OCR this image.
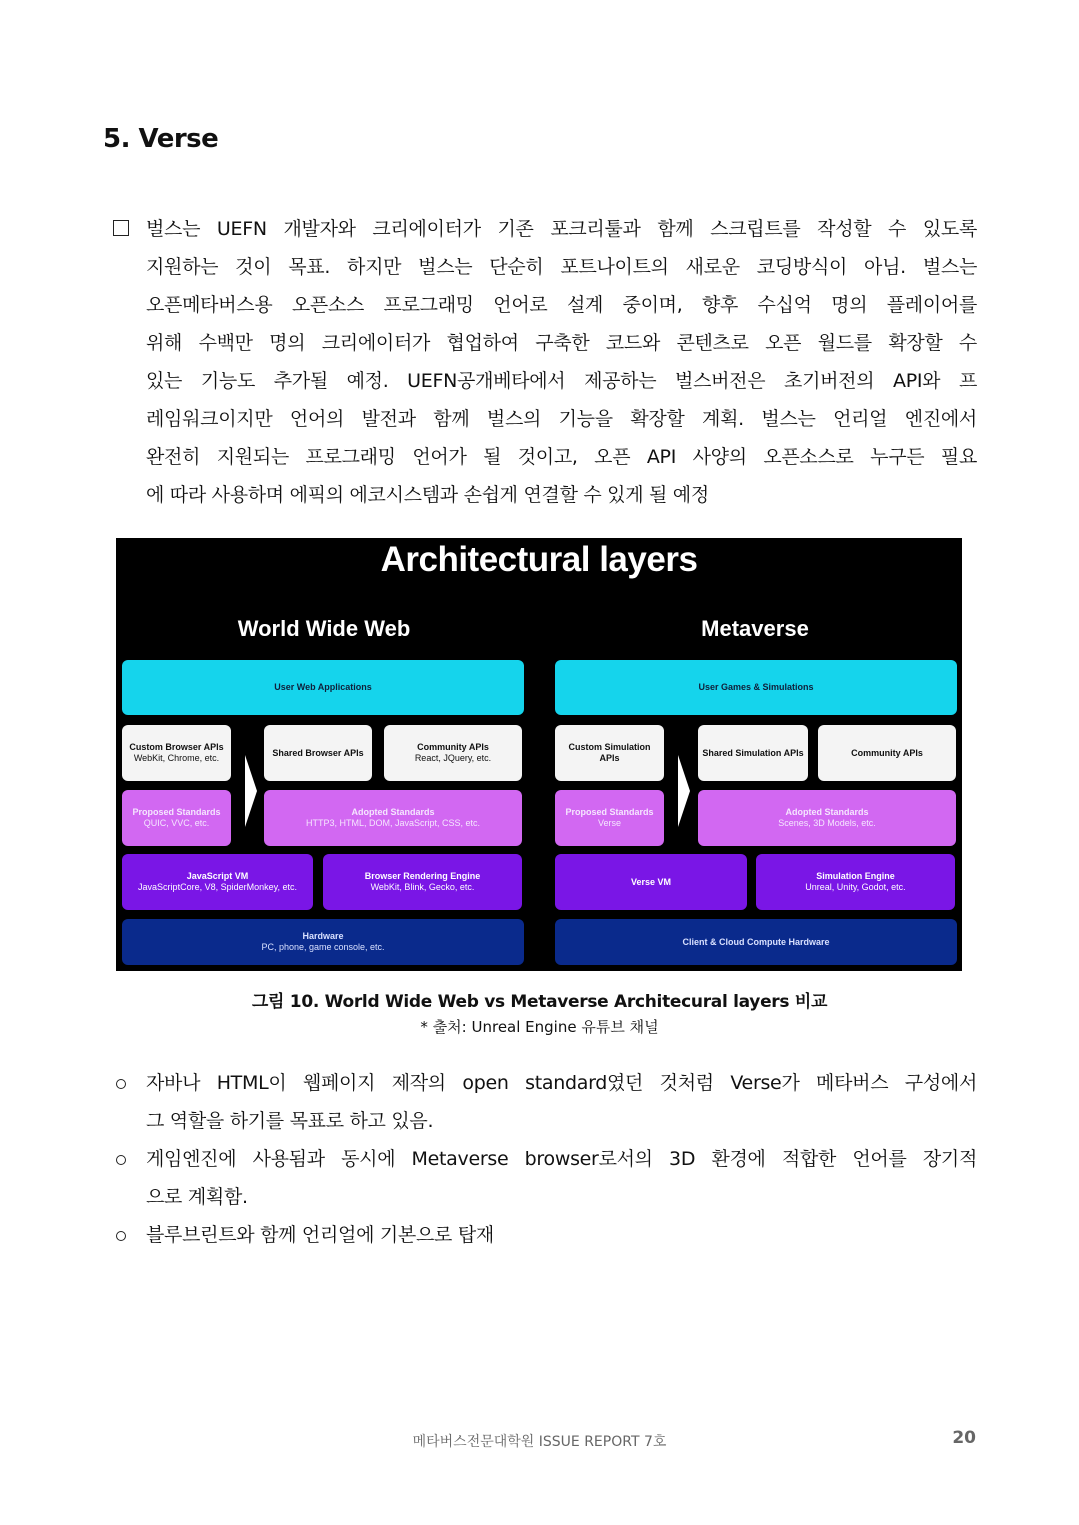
5. Verse
벌스는 UEFN 개발자와 크리에이터가 기존 포크리툴과 함께 스크립트를 작성할 수 있도록
지원하는 것이 목표. 하지만 벌스는 단순히 포트나이트의 새로운 코딩방식이 아님. 벌스는
오픈메타버스용 오픈소스 프로그래밍 언어로 설계 중이며, 향후 수십억 명의 플레이어를
위해 수백만 명의 크리에이터가 협업하여 구축한 코드와 콘텐츠로 오픈 월드를 확장할 수
있는 기능도 추가될 예정. UEFN공개베타에서 제공하는 벌스버전은 초기버전의 API와 프
레임워크이지만 언어의 발전과 함께 벌스의 기능을 확장할 계획. 벌스는 언리얼 엔진에서
완전히 지원되는 프로그래밍 언어가 될 것이고, 오픈 API 사양의 오픈소스로 누구든 필요
에 따라 사용하며 에픽의 에코시스템과 손쉽게 연결할 수 있게 될 예정
Architectural layers
World Wide Web
User Web Applications
Custom Browser APIs
WebKit, Chrome, etc.
Shared Browser APIs
Community APIs
React, JQuery, etc.
Proposed Standards
QUIC, VVC, etc.
Adopted Standards
HTTP3, HTML, DOM, JavaScript, CSS, etc.
JavaScript VM
JavaScriptCore, V8, SpiderMonkey, etc.
Browser Rendering Engine
WebKit, Blink, Gecko, etc.
Hardware
PC, phone, game console, etc.
Metaverse
User Games & Simulations
Custom Simulation APIs
Shared Simulation APIs	Community APIs
Proposed Standards
Verse
Adopted Standards
Scenes, 3D Models, etc.
Verse VM
Simulation Engine
Unreal, Unity, Godot, etc.
Client & Cloud Compute Hardware
그림 10. World Wide Web vs Metaverse Architecural layers 비교
* 출처: Unreal Engine 유튜브 채널
자바나 HTML이 웹페이지 제작의 open standard였던 것처럼 Verse가 메타버스 구성에서
그 역할을 하기를 목표로 하고 있음.
게임엔진에 사용됨과 동시에 Metaverse browser로서의 3D 환경에 적합한 언어를 장기적
으로 계획함.
블루브린트와 함께 언리얼에 기본으로 탑재
메타버스전문대학원 ISSUE REPORT 7호	20
